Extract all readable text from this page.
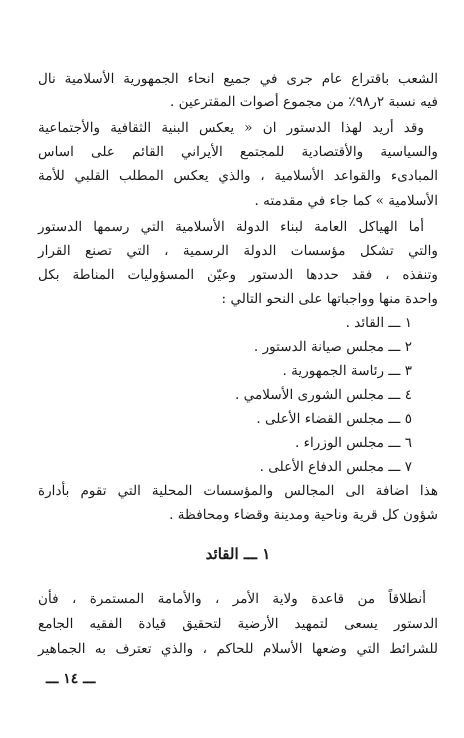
الشعب باقتراع عام جرى في جميع انحاء الجمهورية الأسلامية نال
فيه نسبة ٢ر٩٨٪ من مجموع أصوات المقترعين .
وقد أريد لهذا الدستور ان « يعكس البنية الثقافية والأجتماعية
والسياسية والأقتصادية للمجتمع الأيراني القائم على اساس
المبادىء والقواعد الأسلامية ، والذي يعكس المطلب القلبي للأمة
الأسلامية » كما جاء في مقدمته .
أما الهياكل العامة لبناء الدولة الأسلامية التي رسمها الدستور
والتي تشكل مؤسسات الدولة الرسمية ، التي تصنع القرار
وتنفذه ، فقد حددها الدستور وعيّن المسؤوليات المناطة بكل
واحدة منها وواجباتها على النحو التالي :
١ ـــ القائد .
٢ ـــ مجلس صيانة الدستور .
٣ ـــ رئاسة الجمهورية .
٤ ـــ مجلس الشورى الأسلامي .
٥ ـــ مجلس القضاء الأعلى .
٦ ـــ مجلس الوزراء .
٧ ـــ مجلس الدفاع الأعلى .
هذا اضافة الى المجالس والمؤسسات المحلية التي تقوم بأدارة
شؤون كل قرية وناحية ومدينة وقضاء ومحافظة .
١ ـــ القائد
أنطلاقاً من قاعدة ولاية الأمر ، والأمامة المستمرة ، فأن
الدستور يسعى لتمهيد الأرضية لتحقيق قيادة الفقيه الجامع
للشرائط التي وضعها الأسلام للحاكم ، والذي تعترف به الجماهير
ـــ ١٤ ـــ
